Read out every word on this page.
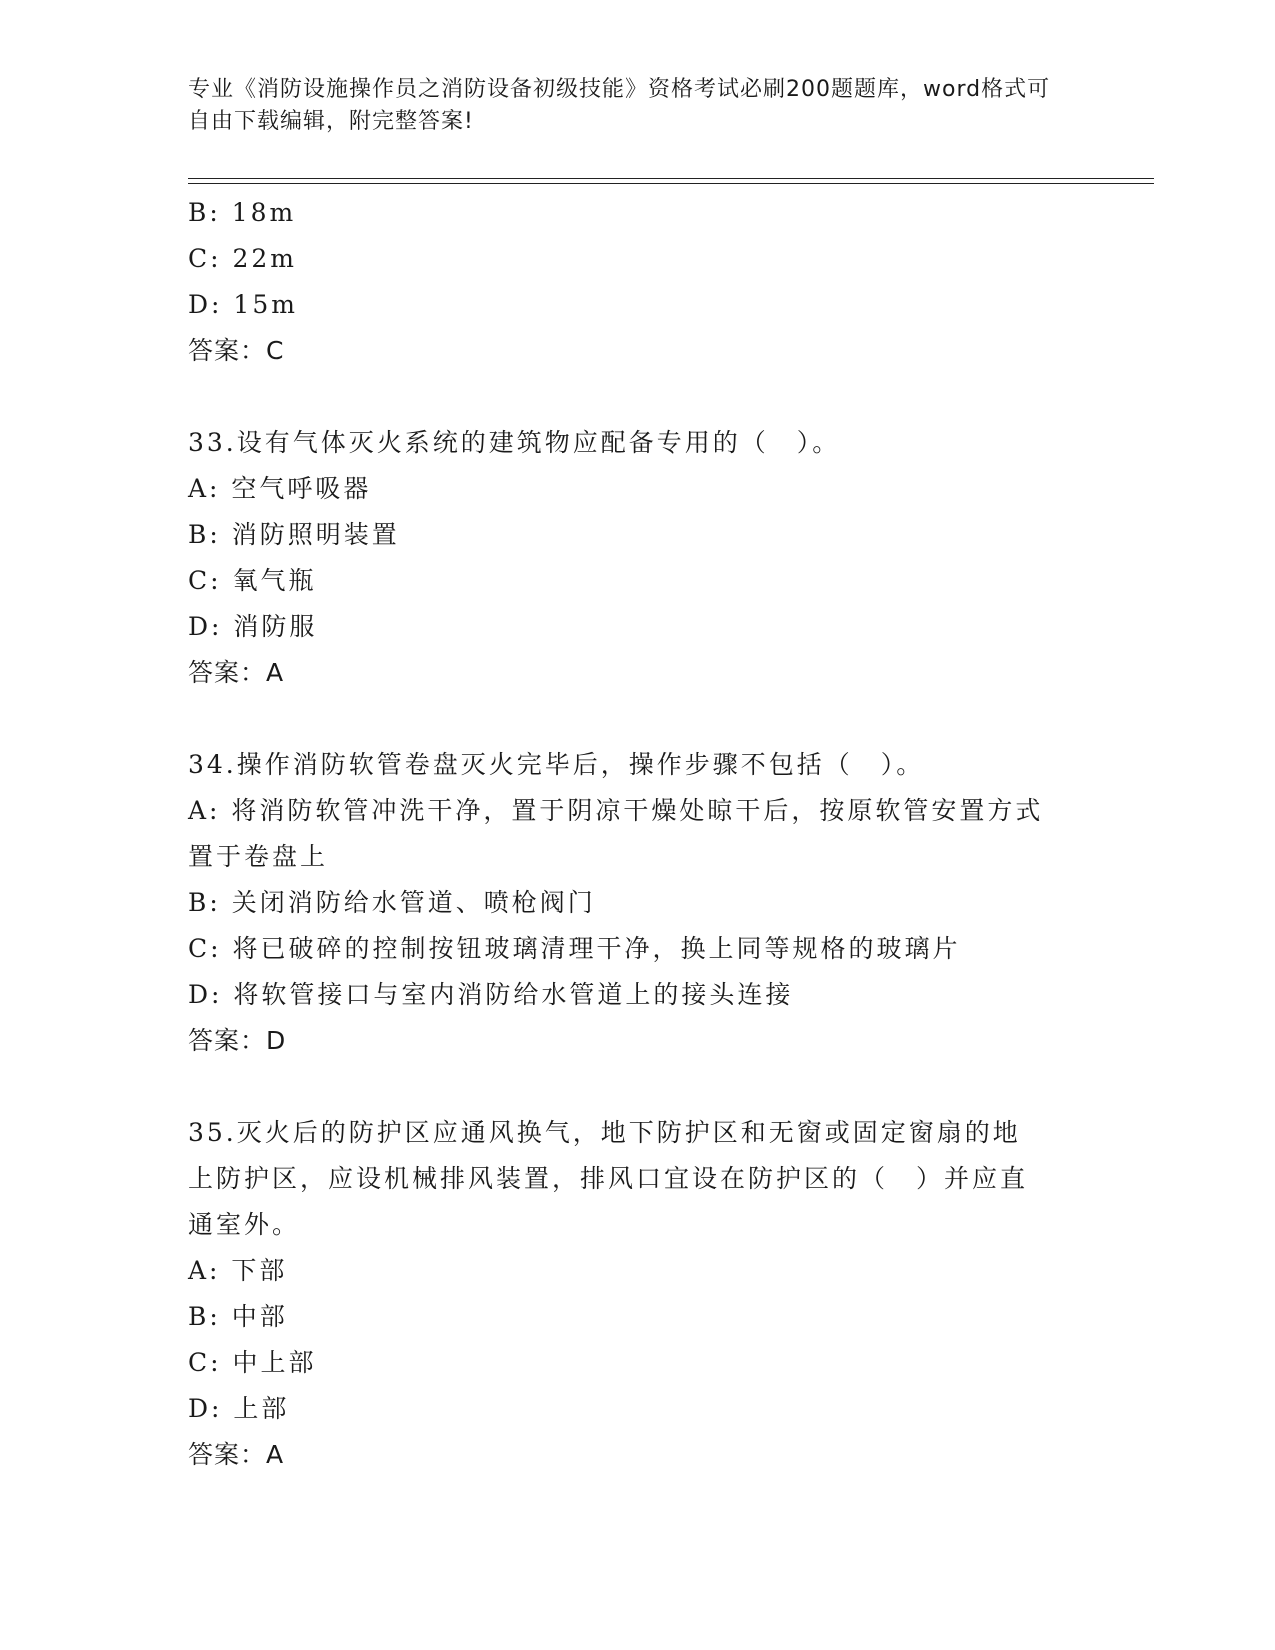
专业《消防设施操作员之消防设备初级技能》资格考试必刷200题题库，word格式可自由下载编辑，附完整答案!
B: 18m
C: 22m
D: 15m
答案：C
33.设有气体灭火系统的建筑物应配备专用的（　）。
A: 空气呼吸器
B: 消防照明装置
C: 氧气瓶
D: 消防服
答案：A
34.操作消防软管卷盘灭火完毕后，操作步骤不包括（　）。
A: 将消防软管冲洗干净，置于阴凉干燥处晾干后，按原软管安置方式置于卷盘上
B: 关闭消防给水管道、喷枪阀门
C: 将已破碎的控制按钮玻璃清理干净，换上同等规格的玻璃片
D: 将软管接口与室内消防给水管道上的接头连接
答案：D
35.灭火后的防护区应通风换气，地下防护区和无窗或固定窗扇的地上防护区，应设机械排风装置，排风口宜设在防护区的（　）并应直通室外。
A: 下部
B: 中部
C: 中上部
D: 上部
答案：A
